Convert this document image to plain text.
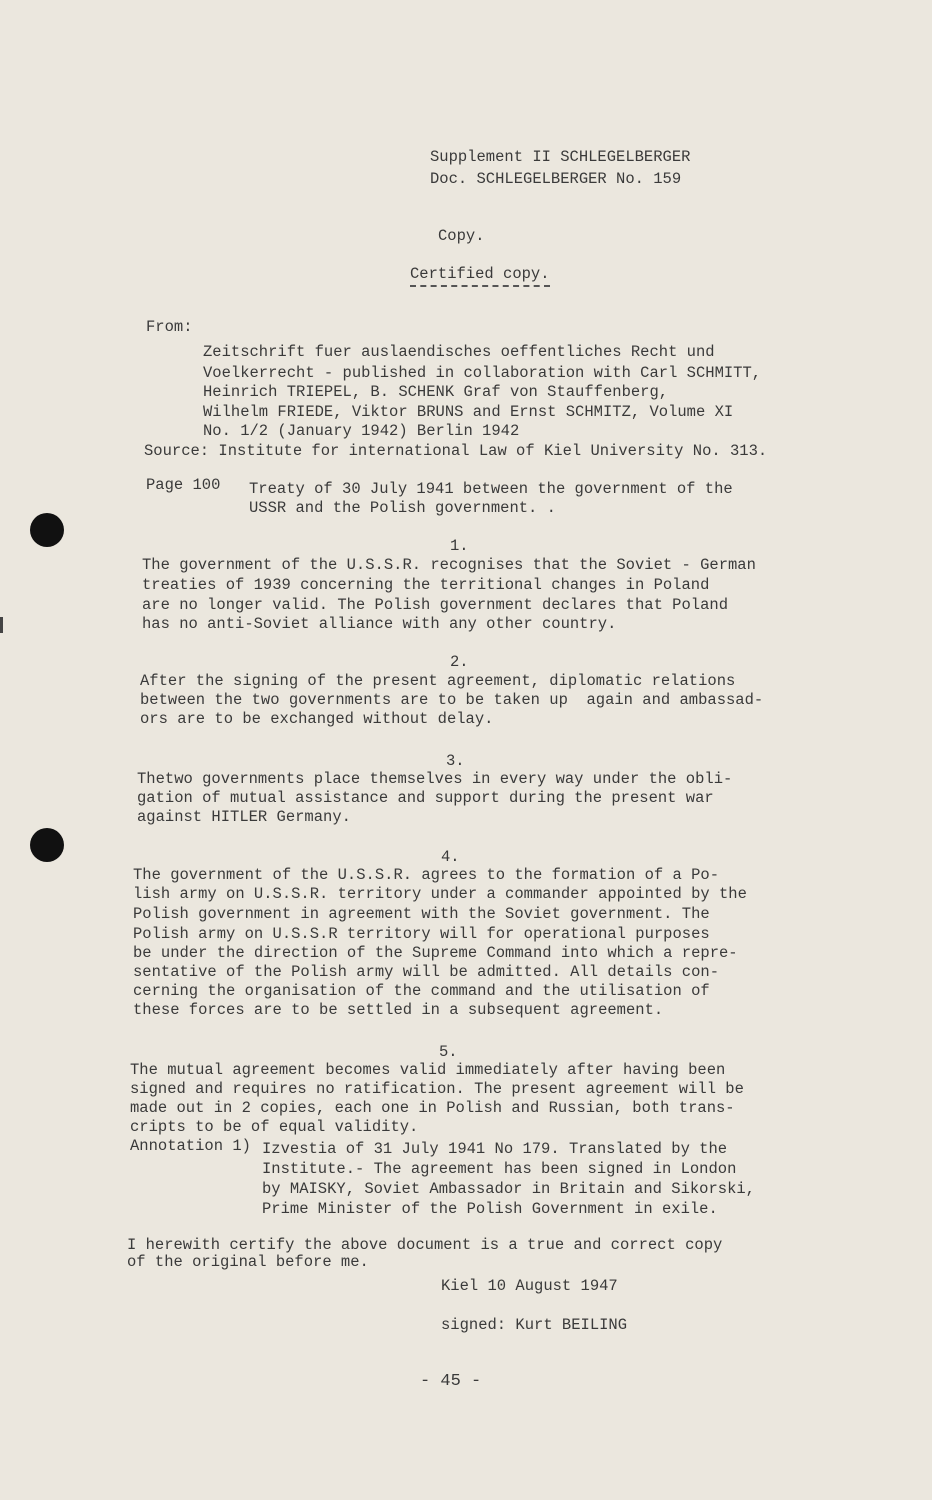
Supplement II SCHLEGELBERGER
Doc. SCHLEGELBERGER No. 159
Copy.
Certified copy.
From:
Zeitschrift fuer auslaendisches oeffentliches Recht und
Voelkerrecht - published in collaboration with Carl SCHMITT,
Heinrich TRIEPEL, B. SCHENK Graf von Stauffenberg,
Wilhelm FRIEDE, Viktor BRUNS and Ernst SCHMITZ, Volume XI
No. 1/2 (January 1942) Berlin 1942
Source: Institute for international Law of Kiel University No. 313.
Page 100 Treaty of 30 July 1941 between the government of the
USSR and the Polish government. .
1.
The government of the U.S.S.R. recognises that the Soviet - German
treaties of 1939 concerning the territional changes in Poland
are no longer valid. The Polish government declares that Poland
has no anti-Soviet alliance with any other country.
2.
After the signing of the present agreement, diplomatic relations
between the two governments are to be taken up  again and ambassad-
ors are to be exchanged without delay.
3.
Thetwo governments place themselves in every way under the obli-
gation of mutual assistance and support during the present war
against HITLER Germany.
4.
The government of the U.S.S.R. agrees to the formation of a Po-
lish army on U.S.S.R. territory under a commander appointed by the
Polish government in agreement with the Soviet government. The
Polish army on U.S.S.R territory will for operational purposes
be under the direction of the Supreme Command into which a repre-
sentative of the Polish army will be admitted. All details con-
cerning the organisation of the command and the utilisation of
these forces are to be settled in a subsequent agreement.
5.
The mutual agreement becomes valid immediately after having been
signed and requires no ratification. The present agreement will be
made out in 2 copies, each one in Polish and Russian, both trans-
cripts to be of equal validity.
Annotation 1) Izvestia of 31 July 1941 No 179. Translated by the
Institute.- The agreement has been signed in London
by MAISKY, Soviet Ambassador in Britain and Sikorski,
Prime Minister of the Polish Government in exile.
I herewith certify the above document is a true and correct copy
of the original before me.
Kiel 10 August 1947
signed: Kurt BEILING
- 45 -
